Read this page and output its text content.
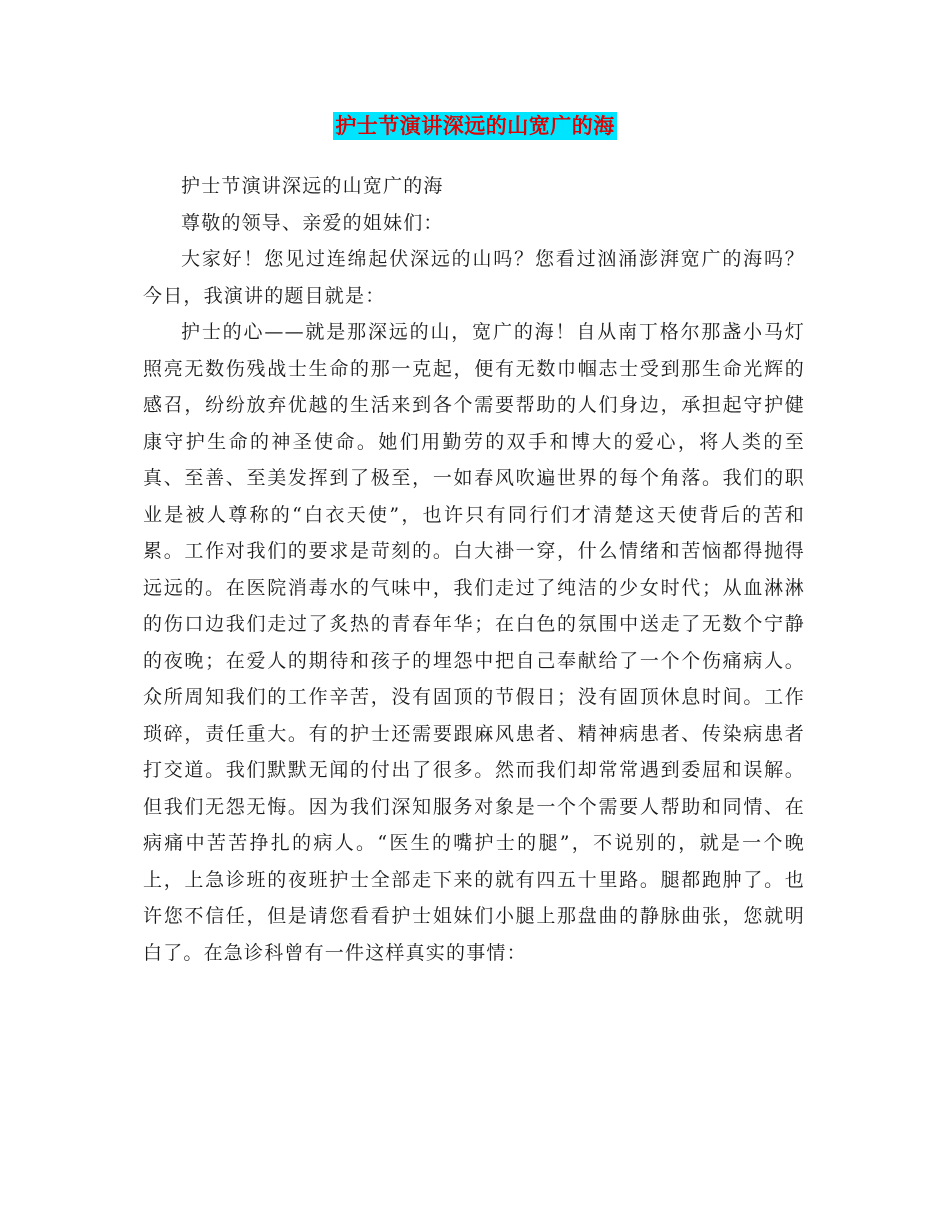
护士节演讲深远的山宽广的海

护士节演讲深远的山宽广的海

尊敬的领导、亲爱的姐妹们：

大家好！您见过连绵起伏深远的山吗？您看过汹涌澎湃宽广的海吗？今日，我演讲的题目就是：

护士的心——就是那深远的山，宽广的海！自从南丁格尔那盏小马灯照亮无数伤残战士生命的那一克起，便有无数巾帼志士受到那生命光辉的感召，纷纷放弃优越的生活来到各个需要帮助的人们身边，承担起守护健康守护生命的神圣使命。她们用勤劳的双手和博大的爱心，将人类的至真、至善、至美发挥到了极至，一如春风吹遍世界的每个角落。我们的职业是被人尊称的“白衣天使”，也许只有同行们才清楚这天使背后的苦和累。工作对我们的要求是苛刻的。白大褂一穿，什么情绪和苦恼都得抛得远远的。在医院消毒水的气味中，我们走过了纯洁的少女时代；从血淋淋的伤口边我们走过了炙热的青春年华；在白色的氛围中送走了无数个宁静的夜晚；在爱人的期待和孩子的埋怨中把自己奉献给了一个个伤痛病人。众所周知我们的工作辛苦，没有固顶的节假日；没有固顶休息时间。工作琐碎，责任重大。有的护士还需要跟麻风患者、精神病患者、传染病患者打交道。我们默默无闻的付出了很多。然而我们却常常遇到委屈和误解。但我们无怨无悔。因为我们深知服务对象是一个个需要人帮助和同情、在病痛中苦苦挣扎的病人。“医生的嘴护士的腿”，不说别的，就是一个晚上，上急诊班的夜班护士全部走下来的就有四五十里路。腿都跑肿了。也许您不信任，但是请您看看护士姐妹们小腿上那盘曲的静脉曲张，您就明白了。在急诊科曾有一件这样真实的事情：
